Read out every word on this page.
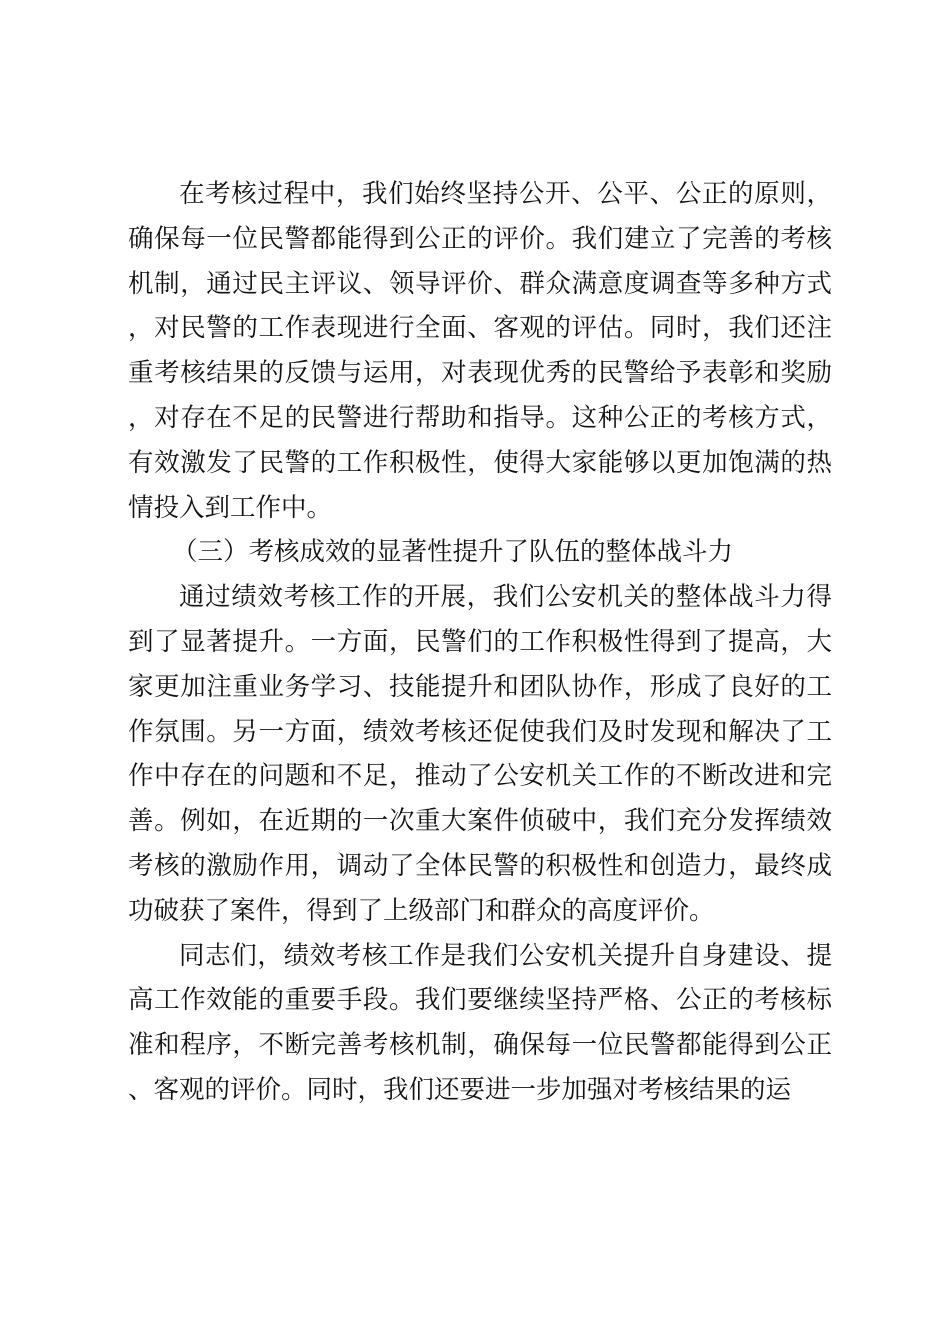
在考核过程中，我们始终坚持公开、公平、公正的原则，确保每一位民警都能得到公正的评价。我们建立了完善的考核机制，通过民主评议、领导评价、群众满意度调查等多种方式，对民警的工作表现进行全面、客观的评估。同时，我们还注重考核结果的反馈与运用，对表现优秀的民警给予表彰和奖励，对存在不足的民警进行帮助和指导。这种公正的考核方式，有效激发了民警的工作积极性，使得大家能够以更加饱满的热情投入到工作中。

（三）考核成效的显著性提升了队伍的整体战斗力

通过绩效考核工作的开展，我们公安机关的整体战斗力得到了显著提升。一方面，民警们的工作积极性得到了提高，大家更加注重业务学习、技能提升和团队协作，形成了良好的工作氛围。另一方面，绩效考核还促使我们及时发现和解决了工作中存在的问题和不足，推动了公安机关工作的不断改进和完善。例如，在近期的一次重大案件侦破中，我们充分发挥绩效考核的激励作用，调动了全体民警的积极性和创造力，最终成功破获了案件，得到了上级部门和群众的高度评价。

同志们，绩效考核工作是我们公安机关提升自身建设、提高工作效能的重要手段。我们要继续坚持严格、公正的考核标准和程序，不断完善考核机制，确保每一位民警都能得到公正、客观的评价。同时，我们还要进一步加强对考核结果的运
